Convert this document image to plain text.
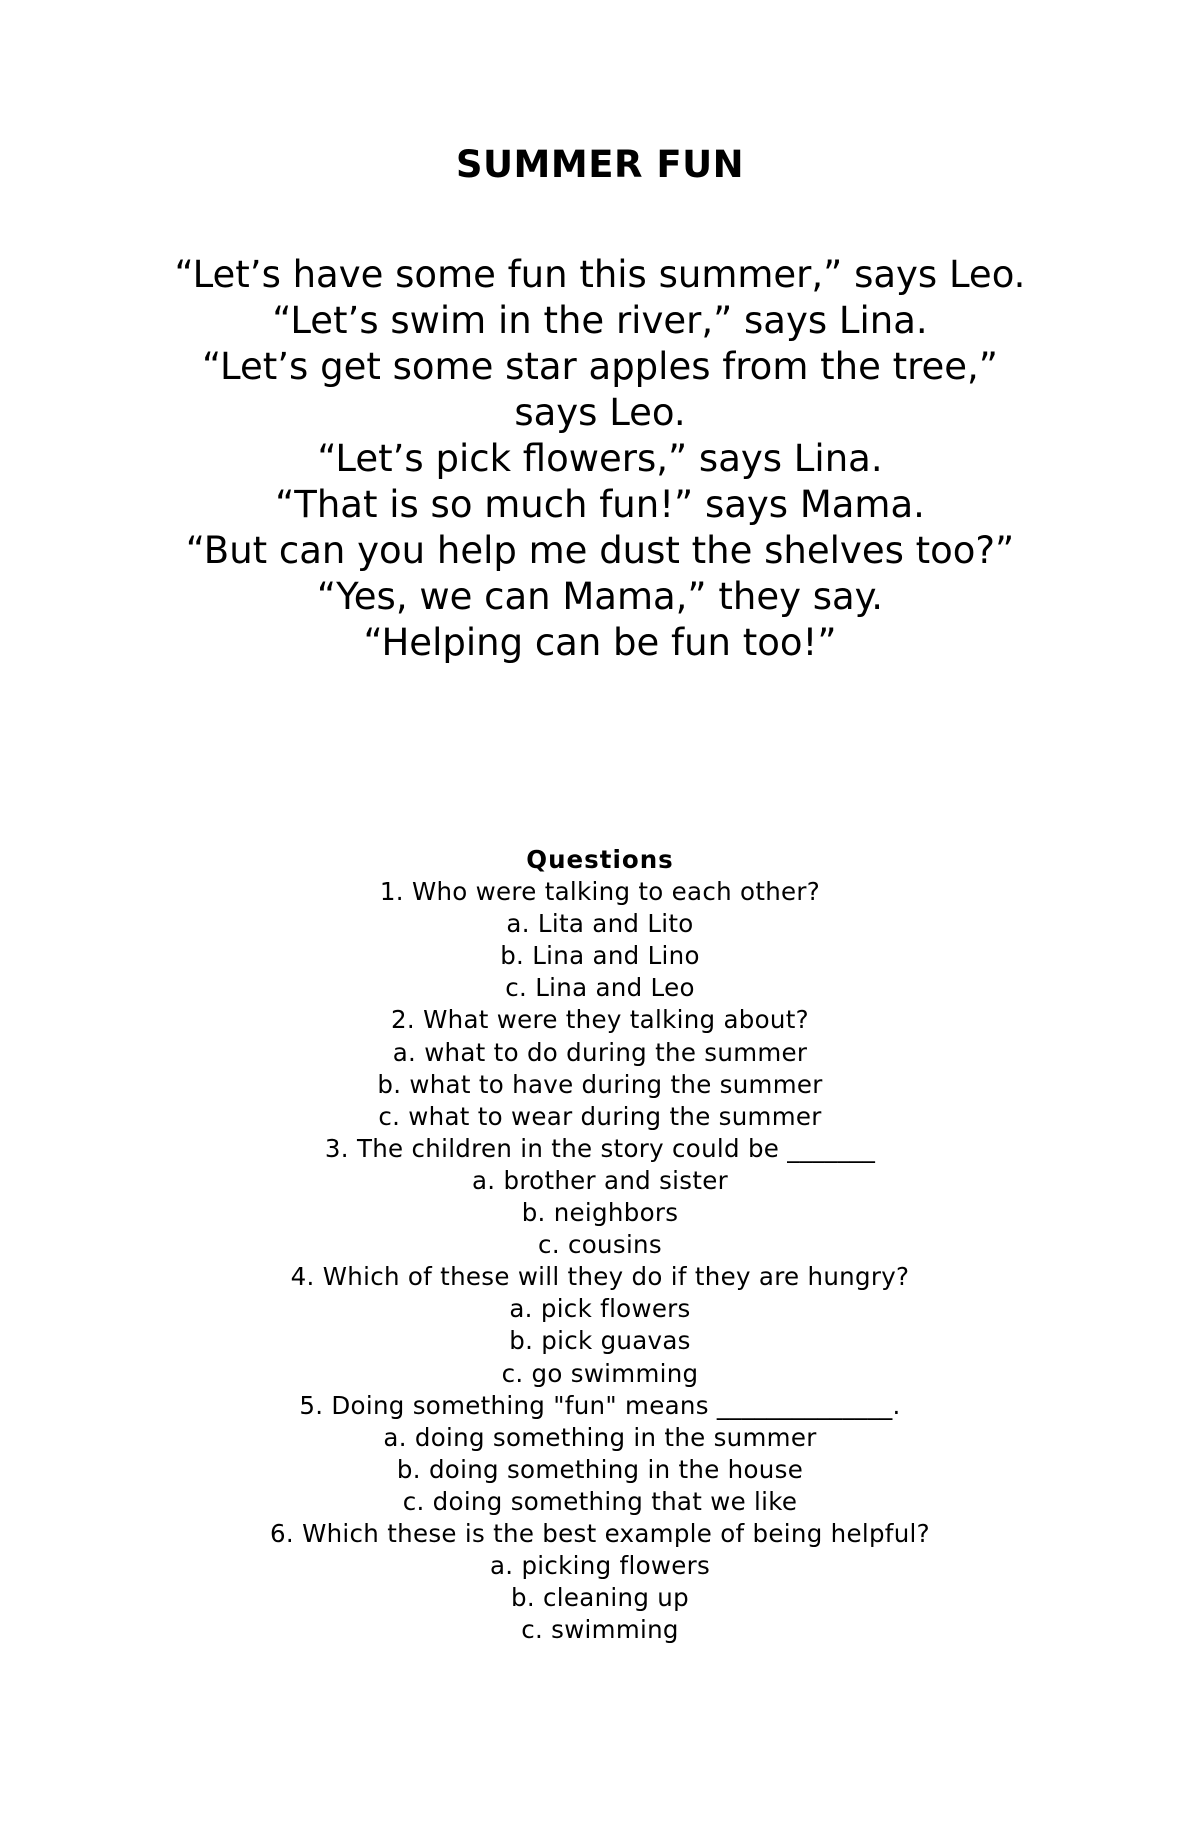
SUMMER FUN
“Let’s have some fun this summer,” says Leo.
“Let’s swim in the river,” says Lina.
“Let’s get some star apples from the tree,”
says Leo.
“Let’s pick flowers,” says Lina.
“That is so much fun!” says Mama.
“But can you help me dust the shelves too?”
“Yes, we can Mama,” they say.
“Helping can be fun too!”
Questions
1. Who were talking to each other?
a. Lita and Lito
b. Lina and Lino
c. Lina and Leo
2. What were they talking about?
a. what to do during the summer
b. what to have during the summer
c. what to wear during the summer
3. The children in the story could be _______
a. brother and sister
b. neighbors
c. cousins
4. Which of these will they do if they are hungry?
a. pick flowers
b. pick guavas
c. go swimming
5. Doing something "fun" means ______________.
a. doing something in the summer
b. doing something in the house
c. doing something that we like
6. Which these is the best example of being helpful?
a. picking flowers
b. cleaning up
c. swimming
